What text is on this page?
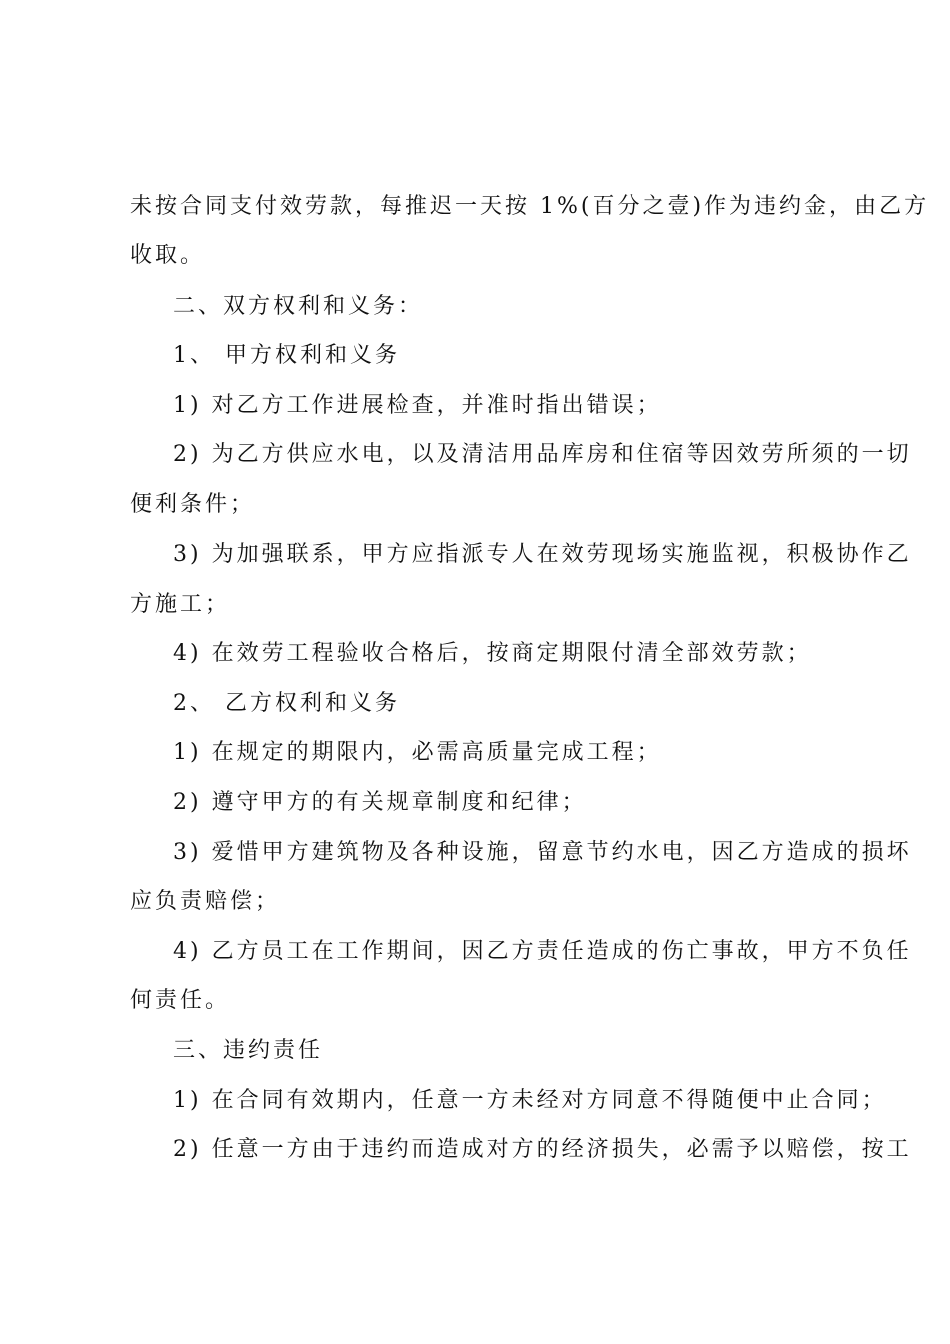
未按合同支付效劳款，每推迟一天按 1%(百分之壹)作为违约金，由乙方
收取。
二、双方权利和义务：
1、 甲方权利和义务
1) 对乙方工作进展检查，并准时指出错误；
2) 为乙方供应水电，以及清洁用品库房和住宿等因效劳所须的一切
便利条件；
3) 为加强联系，甲方应指派专人在效劳现场实施监视，积极协作乙
方施工；
4) 在效劳工程验收合格后，按商定期限付清全部效劳款；
2、 乙方权利和义务
1) 在规定的期限内，必需高质量完成工程；
2) 遵守甲方的有关规章制度和纪律；
3) 爱惜甲方建筑物及各种设施，留意节约水电，因乙方造成的损坏
应负责赔偿；
4) 乙方员工在工作期间，因乙方责任造成的伤亡事故，甲方不负任
何责任。
三、违约责任
1) 在合同有效期内，任意一方未经对方同意不得随便中止合同；
2) 任意一方由于违约而造成对方的经济损失，必需予以赔偿，按工
